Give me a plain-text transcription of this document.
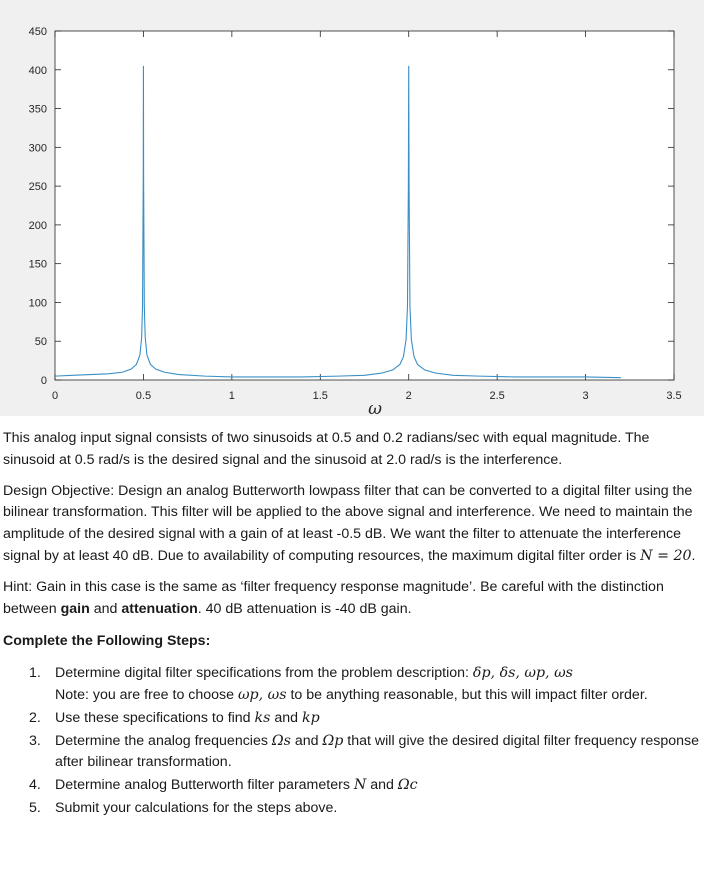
0	0.5	1	1.5	2	2.5	3	3.5
0
50
100
150
200
250
300
350
400
450
ω

This analog input signal consists of two sinusoids at 0.5 and 0.2 radians/sec with equal magnitude. The sinusoid at 0.5 rad/s is the desired signal and the sinusoid at 2.0 rad/s is the interference.

Design Objective: Design an analog Butterworth lowpass filter that can be converted to a digital filter using the bilinear transformation. This filter will be applied to the above signal and interference. We need to maintain the amplitude of the desired signal with a gain of at least -0.5 dB. We want the filter to attenuate the interference signal by at least 40 dB. Due to availability of computing resources, the maximum digital filter order is N = 20.

Hint: Gain in this case is the same as ‘filter frequency response magnitude’. Be careful with the distinction between gain and attenuation. 40 dB attenuation is -40 dB gain.

Complete the Following Steps:

1. Determine digital filter specifications from the problem description: δp, δs, ωp, ωs
Note: you are free to choose ωp, ωs to be anything reasonable, but this will impact filter order.
2. Use these specifications to find ks and kp
3. Determine the analog frequencies Ωs and Ωp that will give the desired digital filter frequency response after bilinear transformation.
4. Determine analog Butterworth filter parameters N and Ωc
5. Submit your calculations for the steps above.
